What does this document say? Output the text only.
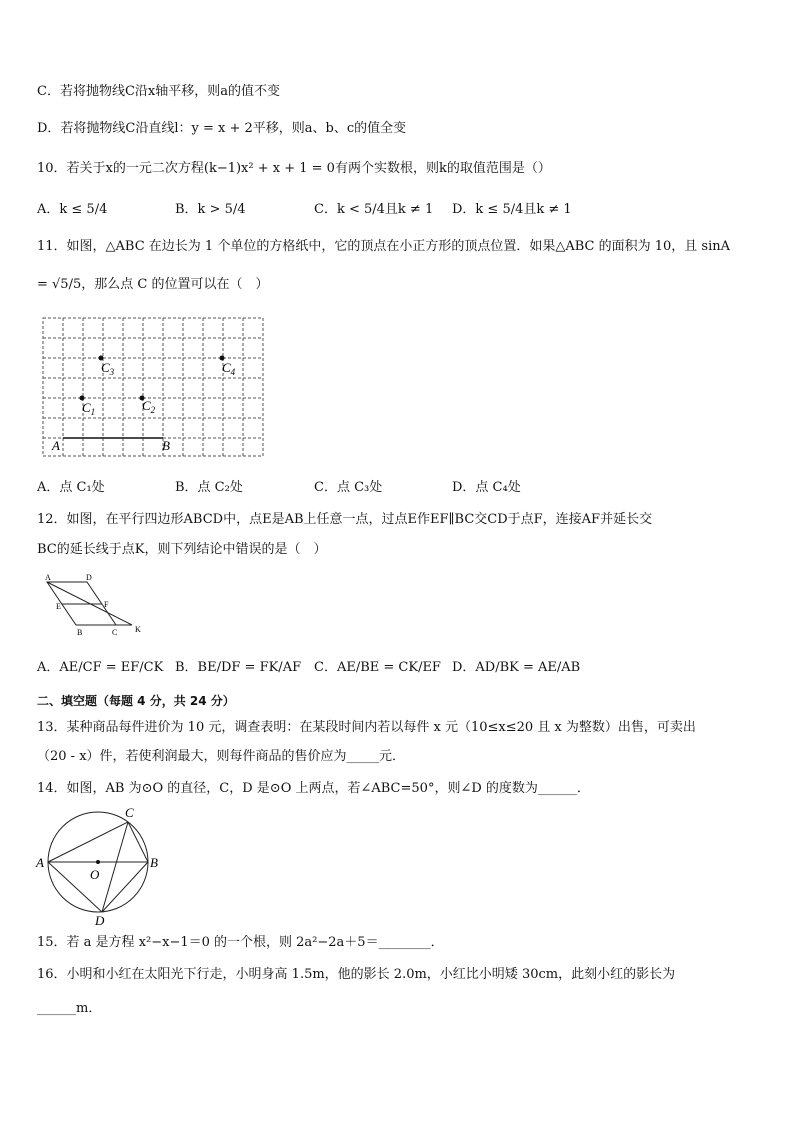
C．若将抛物线C沿x轴平移，则a的值不变
D．若将抛物线C沿直线l：y = x + 2平移，则a、b、c的值全变
10．若关于x的一元二次方程(k−1)x² + x + 1 = 0有两个实数根，则k的取值范围是（）
A．k ≤ 5/4	B．k > 5/4	C．k < 5/4且k ≠ 1 D．k ≤ 5/4且k ≠ 1
11．如图，△ABC 在边长为 1 个单位的方格纸中，它的顶点在小正方形的顶点位置．如果△ABC 的面积为 10，且 sinA
= √5/5，那么点 C 的位置可以在（　）
$C_3$	$C_4$
$C_1$	$C_2$
A	B
A．点 C₁处	B．点 C₂处	C．点 C₃处	D．点 C₄处
12．如图，在平行四边形ABCD中，点E是AB上任意一点，过点E作EF∥BC交CD于点F，连接AF并延长交
BC的延长线于点K，则下列结论中错误的是（　）
A	D
E	F
B	C K
A．AE/CF = EF/CK B．BE/DF = FK/AF C．AE/BE = CK/EF D．AD/BK = AE/AB
二、填空题（每题 4 分，共 24 分）
13．某种商品每件进价为 10 元，调查表明：在某段时间内若以每件 x 元（10≤x≤20 且 x 为整数）出售，可卖出
（20 - x）件，若使利润最大，则每件商品的售价应为_____元．
14．如图，AB 为⊙O 的直径，C，D 是⊙O 上两点，若∠ABC=50°，则∠D 的度数为______．
A	B
C
D
O
15．若 a 是方程 x²−x−1＝0 的一个根，则 2a²−2a＋5＝________．
16．小明和小红在太阳光下行走，小明身高 1.5m，他的影长 2.0m，小红比小明矮 30cm，此刻小红的影长为
______m．
